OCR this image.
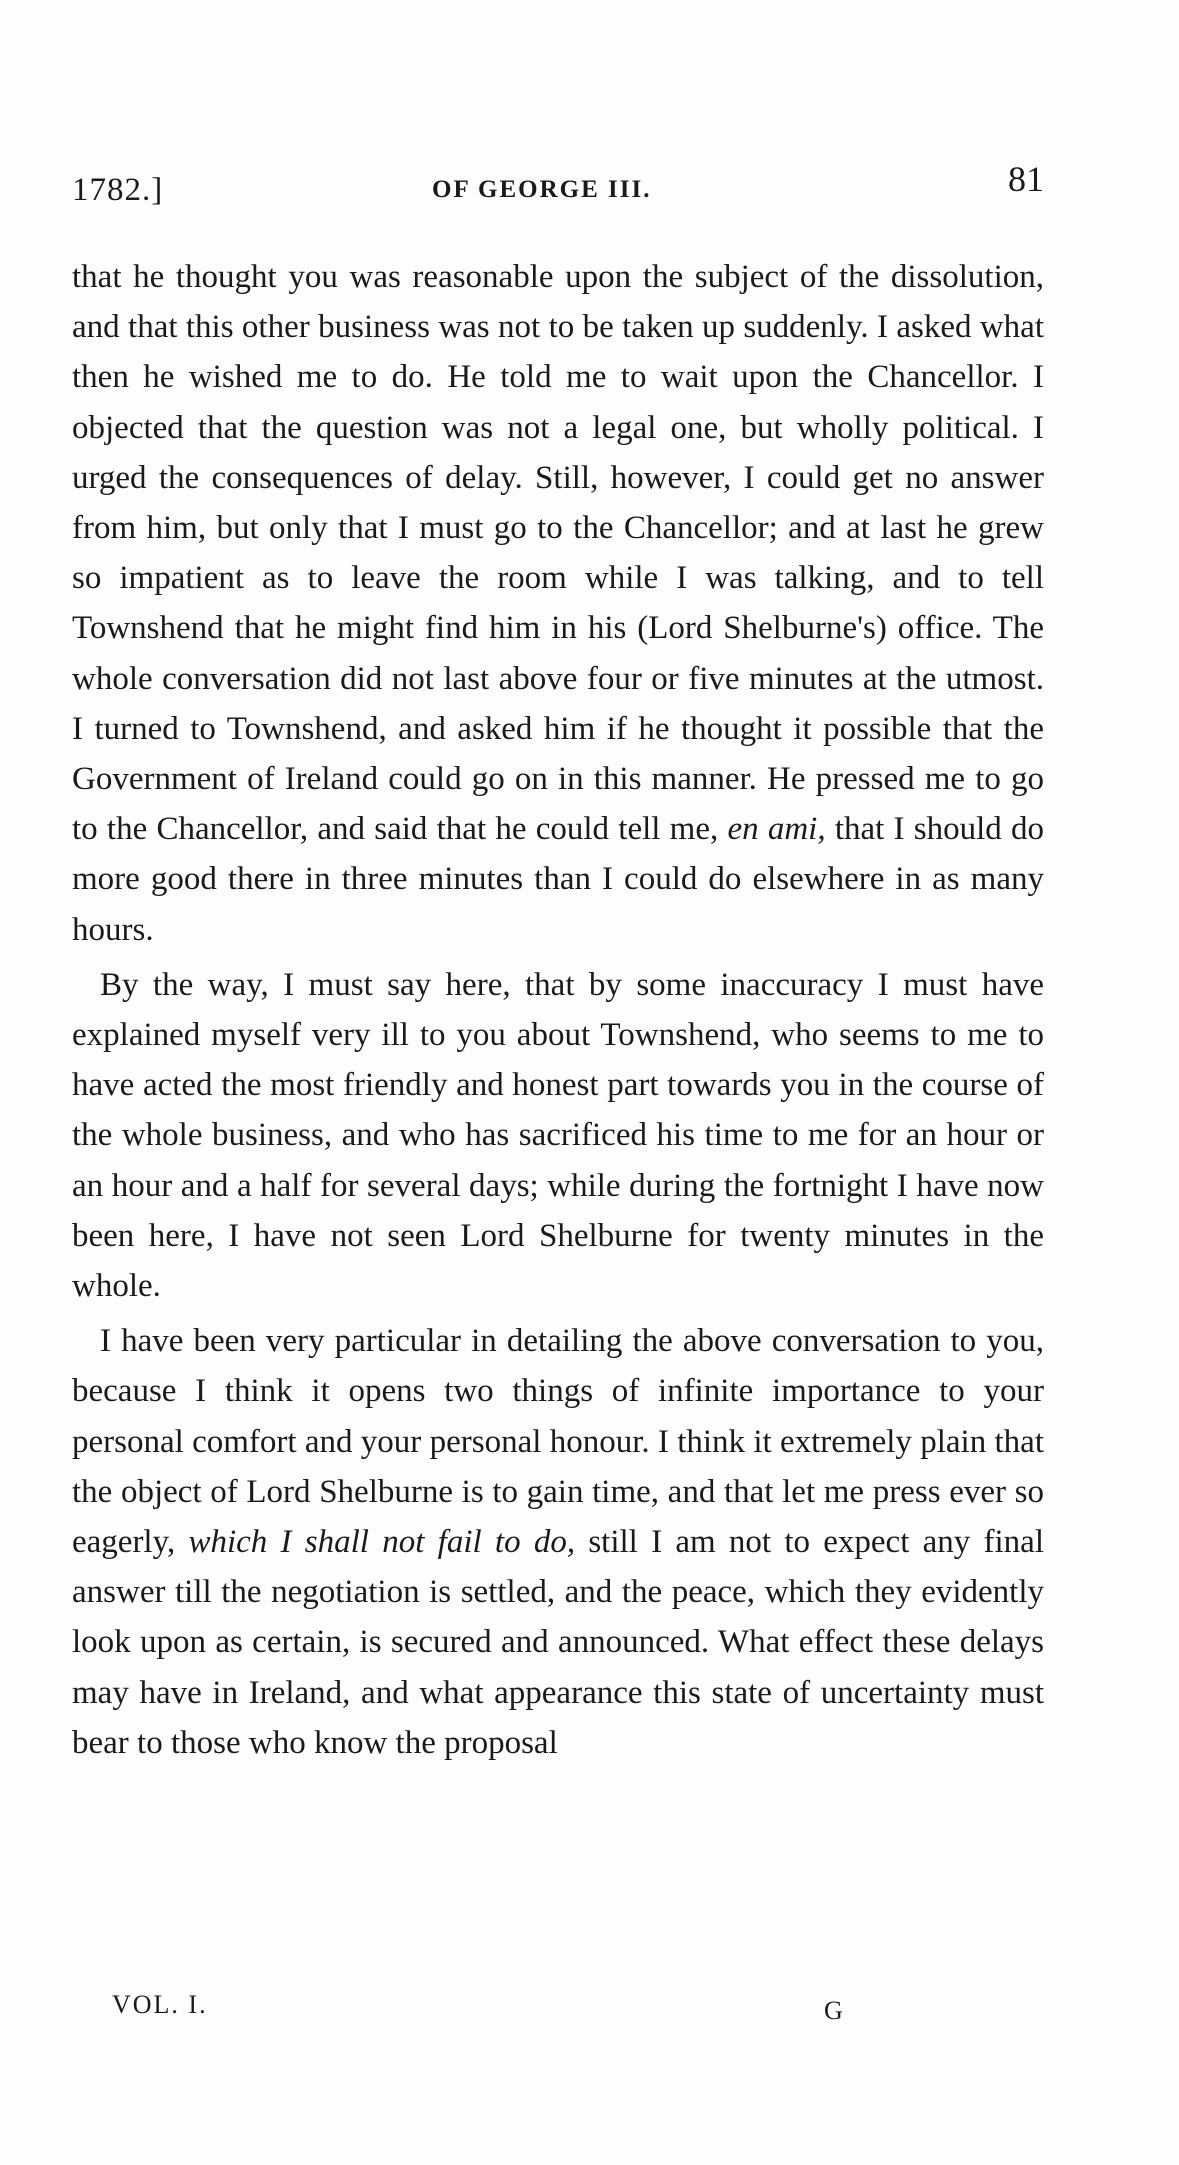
1782.]	OF GEORGE III.	81

that he thought you was reasonable upon the subject of the dissolution, and that this other business was not to be taken up suddenly. I asked what then he wished me to do. He told me to wait upon the Chancellor. I objected that the question was not a legal one, but wholly political. I urged the consequences of delay. Still, however, I could get no answer from him, but only that I must go to the Chancellor; and at last he grew so impatient as to leave the room while I was talking, and to tell Townshend that he might find him in his (Lord Shelburne's) office. The whole conversation did not last above four or five minutes at the utmost. I turned to Townshend, and asked him if he thought it possible that the Government of Ireland could go on in this manner. He pressed me to go to the Chancellor, and said that he could tell me, en ami, that I should do more good there in three minutes than I could do elsewhere in as many hours.

By the way, I must say here, that by some inaccuracy I must have explained myself very ill to you about Townshend, who seems to me to have acted the most friendly and honest part towards you in the course of the whole business, and who has sacrificed his time to me for an hour or an hour and a half for several days; while during the fortnight I have now been here, I have not seen Lord Shelburne for twenty minutes in the whole.

I have been very particular in detailing the above conversation to you, because I think it opens two things of infinite importance to your personal comfort and your personal honour. I think it extremely plain that the object of Lord Shelburne is to gain time, and that let me press ever so eagerly, which I shall not fail to do, still I am not to expect any final answer till the negotiation is settled, and the peace, which they evidently look upon as certain, is secured and announced. What effect these delays may have in Ireland, and what appearance this state of uncertainty must bear to those who know the proposal

VOL. I.	G
